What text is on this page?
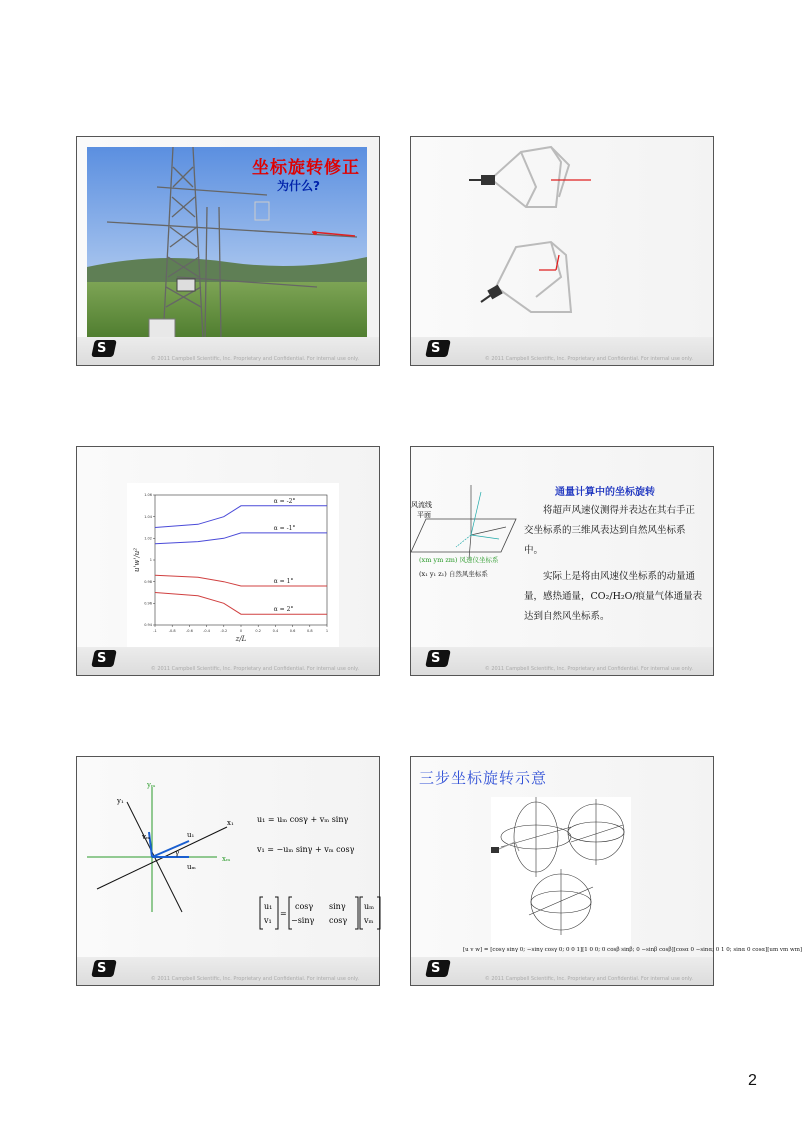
坐标旋转修正
为什么?
S
© 2011 Campbell Scientific, Inc. Proprietary and Confidential. For internal use only.
S
© 2011 Campbell Scientific, Inc. Proprietary and Confidential. For internal use only.
-1	-0.8	-0.6	-0.4	-0.2	0	0.2	0.4	0.6	0.8	1
0.94
0.96
0.98
1
1.02
1.04
1.06
α = -2°
α = -1°
α = 1°
α = 2°
z/L
u'w'/u²
S
© 2011 Campbell Scientific, Inc. Proprietary and Confidential. For internal use only.
风流线
平面
(xm ym zm) 风速仪坐标系
(x₁ y₁ z₁) 自然风坐标系
通量计算中的坐标旋转
将超声风速仪测得并表达在其右手正交坐标系的三维风表达到自然风坐标系中。
实际上是将由风速仪坐标系的动量通量，感热通量，CO₂/H₂O/痕量气体通量表达到自然风坐标系。
S
© 2011 Campbell Scientific, Inc. Proprietary and Confidential. For internal use only.
yₘ
xₘ
x₁
y₁
vₘ	u₁
uₘ
γ
u₁ = uₘ cosγ + vₘ sinγ
v₁ = −uₘ sinγ + vₘ cosγ
u₁
v₁
=
cosγ sinγ
−sinγ cosγ
uₘ
vₘ
S
© 2011 Campbell Scientific, Inc. Proprietary and Confidential. For internal use only.
三步坐标旋转示意
[u v w] = [cosγ sinγ 0; −sinγ cosγ 0; 0 0 1][1 0 0; 0 cosβ sinβ; 0 −sinβ cosβ][cosα 0 −sinα; 0 1 0; sinα 0 cosα][um vm wm]
S
© 2011 Campbell Scientific, Inc. Proprietary and Confidential. For internal use only.
2
